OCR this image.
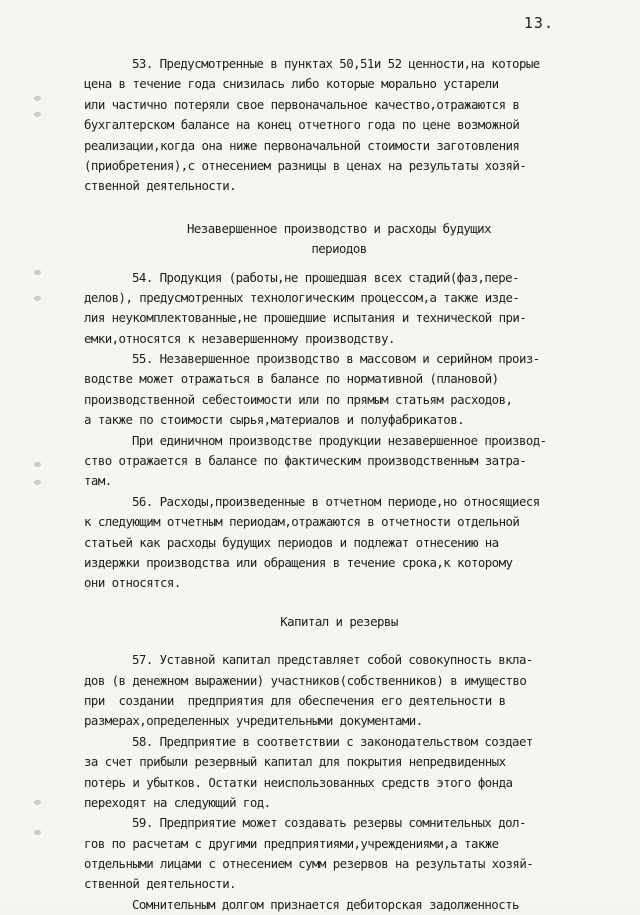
13.
53. Предусмотренные в пунктах 50,51и 52 ценности,на которые
цена в течение года снизилась либо которые морально устарели
или частично потеряли свое первоначальное качество,отражаются в
бухгалтерском балансе на конец отчетного года по цене возможной
реализации,когда она ниже первоначальной стоимости заготовления
(приобретения),с отнесением разницы в ценах на результаты хозяй-
ственной деятельности.
Незавершенное производство и расходы будущих
периодов
54. Продукция (работы,не прошедшая всех стадий(фаз,пере-
делов), предусмотренных технологическим процессом,а также изде-
лия неукомплектованные,не прошедшие испытания и технической при-
емки,относятся к незавершенному производству.
55. Незавершенное производство в массовом и серийном произ-
водстве может отражаться в балансе по нормативной (плановой)
производственной себестоимости или по прямым статьям расходов,
а также по стоимости сырья,материалов и полуфабрикатов.
При единичном производстве продукции незавершенное производ-
ство отражается в балансе по фактическим производственным затра-
там.
56. Расходы,произведенные в отчетном периоде,но относящиеся
к следующим отчетным периодам,отражаются в отчетности отдельной
статьей как расходы будущих периодов и подлежат отнесению на
издержки производства или обращения в течение срока,к которому
они относятся.
Капитал и резервы
57. Уставной капитал представляет собой совокупность вкла-
дов (в денежном выражении) участников(собственников) в имущество
при  создании  предприятия для обеспечения его деятельности в
размерах,определенных учредительными документами.
58. Предприятие в соответствии с законодательством создает
за счет прибыли резервный капитал для покрытия непредвиденных
потерь и убытков. Остатки неиспользованных средств этого фонда
переходят на следующий год.
59. Предприятие может создавать резервы сомнительных дол-
гов по расчетам с другими предприятиями,учреждениями,а также
отдельными лицами с отнесением сумм резервов на результаты хозяй-
ственной деятельности.
Сомнительным долгом признается дебиторская задолженность
